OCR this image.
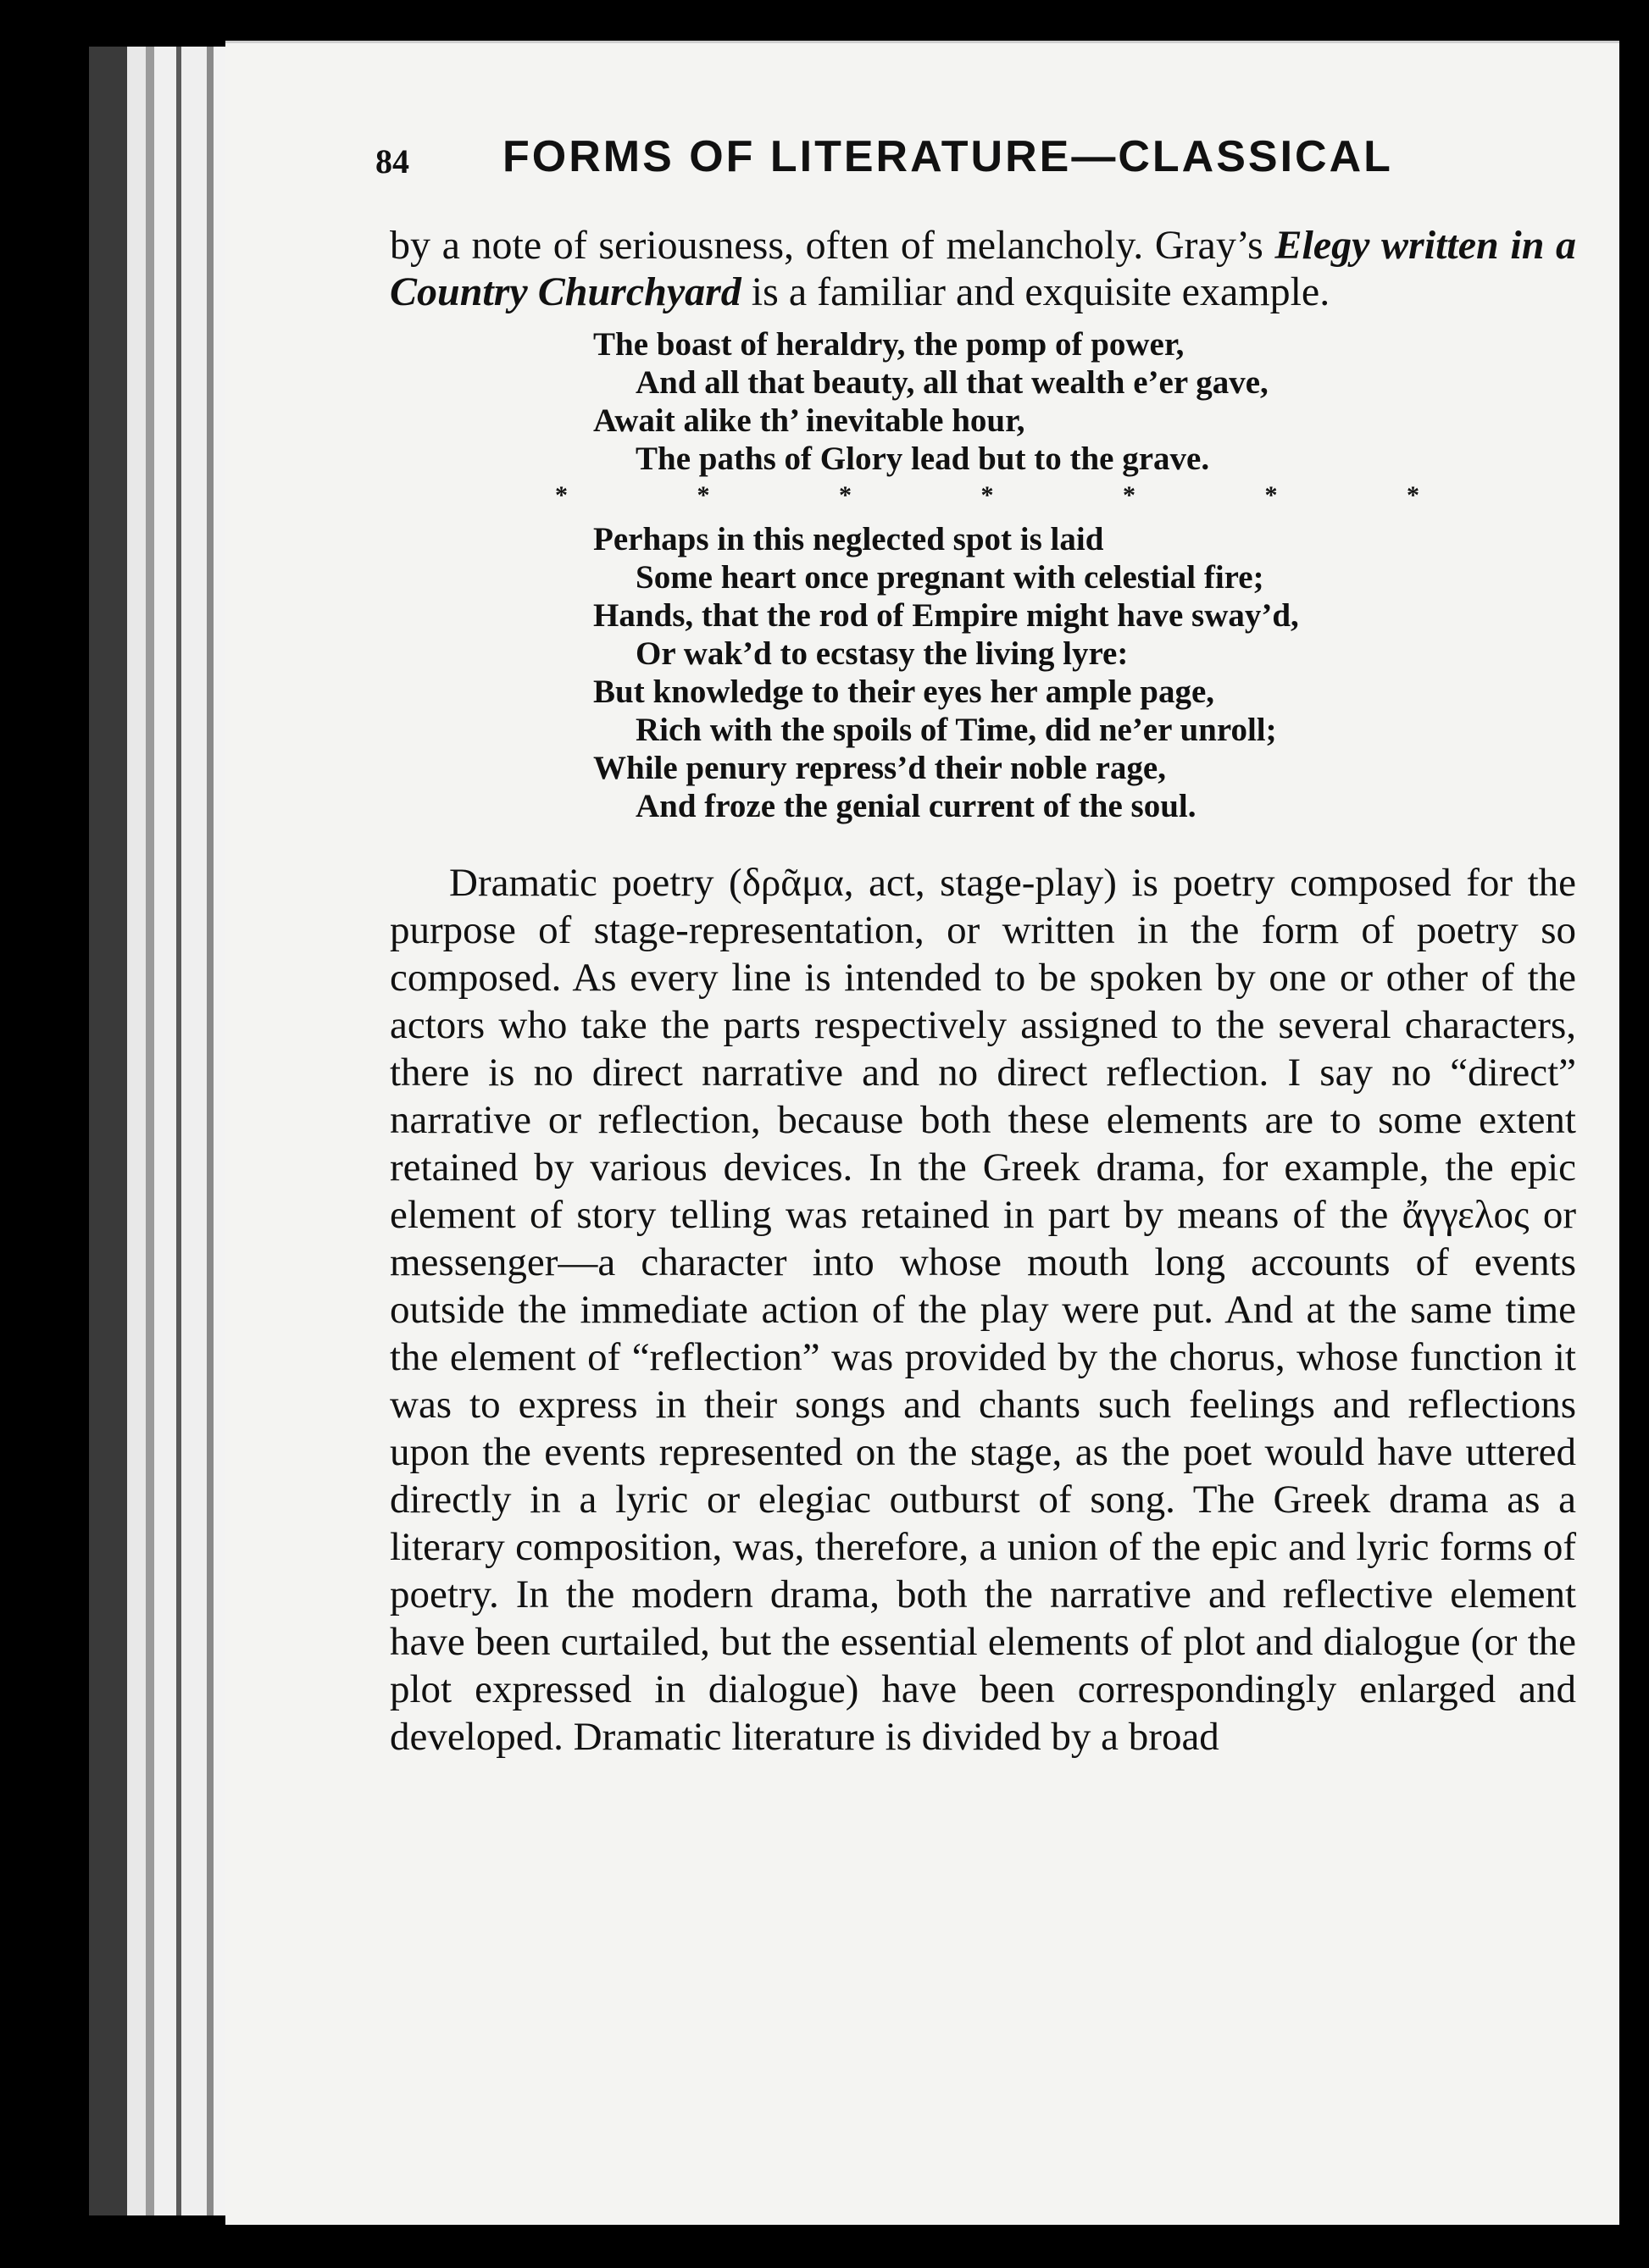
84 FORMS OF LITERATURE—CLASSICAL

by a note of seriousness, often of melancholy. Gray’s Elegy written in a Country Churchyard is a familiar and exquisite example.

The boast of heraldry, the pomp of power,
And all that beauty, all that wealth e’er gave,
Await alike th’ inevitable hour,
The paths of Glory lead but to the grave.
*	*	*	*	*	*	*
Perhaps in this neglected spot is laid
Some heart once pregnant with celestial fire;
Hands, that the rod of Empire might have sway’d,
Or wak’d to ecstasy the living lyre:
But knowledge to their eyes her ample page,
Rich with the spoils of Time, did ne’er unroll;
While penury repress’d their noble rage,
And froze the genial current of the soul.

Dramatic poetry (δρᾶμα, act, stage-play) is poetry composed for the purpose of stage-representation, or written in the form of poetry so composed. As every line is intended to be spoken by one or other of the actors who take the parts respectively assigned to the several characters, there is no direct narrative and no direct reflection. I say no “direct” narrative or reflection, because both these elements are to some extent retained by various devices. In the Greek drama, for example, the epic element of story telling was retained in part by means of the ἄγγελος or messenger—a character into whose mouth long accounts of events outside the immediate action of the play were put. And at the same time the element of “reflection” was provided by the chorus, whose function it was to express in their songs and chants such feelings and reflections upon the events represented on the stage, as the poet would have uttered directly in a lyric or elegiac outburst of song. The Greek drama as a literary composition, was, therefore, a union of the epic and lyric forms of poetry. In the modern drama, both the narrative and reflective element have been curtailed, but the essential elements of plot and dialogue (or the plot expressed in dialogue) have been correspondingly enlarged and developed. Dramatic literature is divided by a broad
